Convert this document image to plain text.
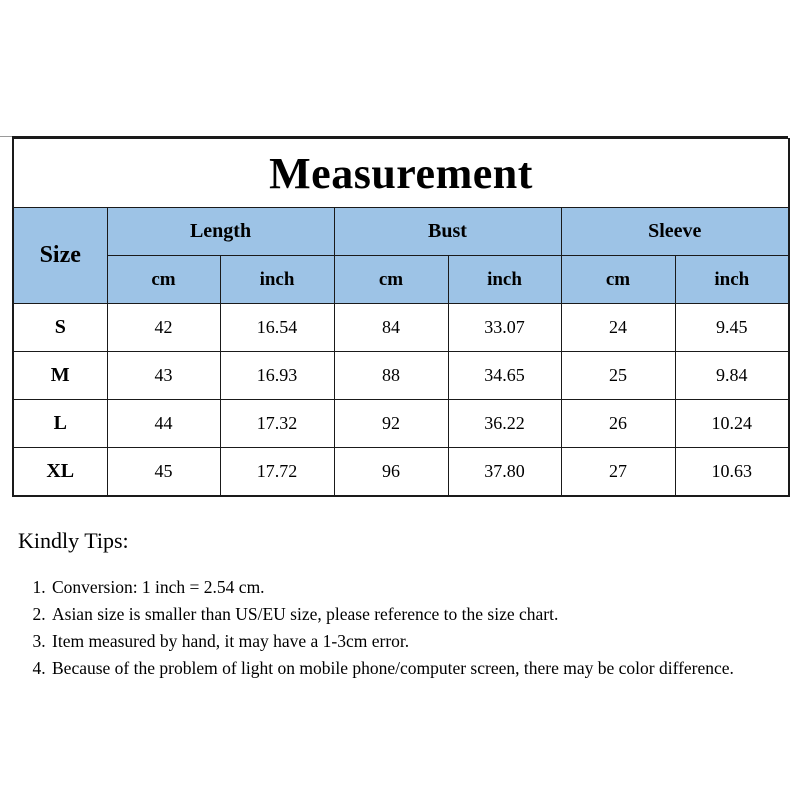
Measurement						
Size	Length		Bust		Sleeve	
	cm	inch	cm	inch	cm	inch
S	42	16.54	84	33.07	24	9.45
M	43	16.93	88	34.65	25	9.84
L	44	17.32	92	36.22	26	10.24
XL	45	17.72	96	37.80	27	10.63
Kindly Tips:
1. Conversion: 1 inch = 2.54 cm.
2. Asian size is smaller than US/EU size, please reference to the size chart.
3. Item measured by hand, it may have a 1-3cm error.
4. Because of the problem of light on mobile phone/computer screen, there may be color difference.
